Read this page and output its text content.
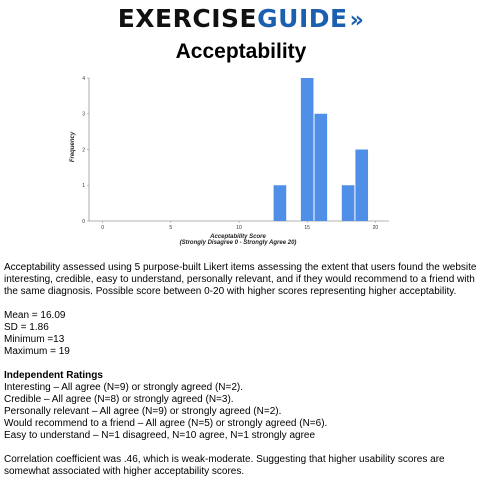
EXERCISEGUIDE»
Acceptability
Frequency
Acceptability Score
(Strongly Disagree 0 - Strongly Agree 20)
0
1
2
3
4
0	5	10	15	20

Acceptability assessed using 5 purpose-built Likert items assessing the extent that users found the website interesting, credible, easy to understand, personally relevant, and if they would recommend to a friend with the same diagnosis. Possible score between 0-20 with higher scores representing higher acceptability.

Mean = 16.09

SD = 1.86

Minimum =13

Maximum = 19

Independent Ratings

Interesting – All agree (N=9) or strongly agreed (N=2).

Credible – All agree (N=8) or strongly agreed (N=3).

Personally relevant – All agree (N=9) or strongly agreed (N=2).

Would recommend to a friend – All agree (N=5) or strongly agreed (N=6).

Easy to understand – N=1 disagreed, N=10 agree, N=1 strongly agree

Correlation coefficient was .46, which is weak-moderate. Suggesting that higher usability scores are somewhat associated with higher acceptability scores.
